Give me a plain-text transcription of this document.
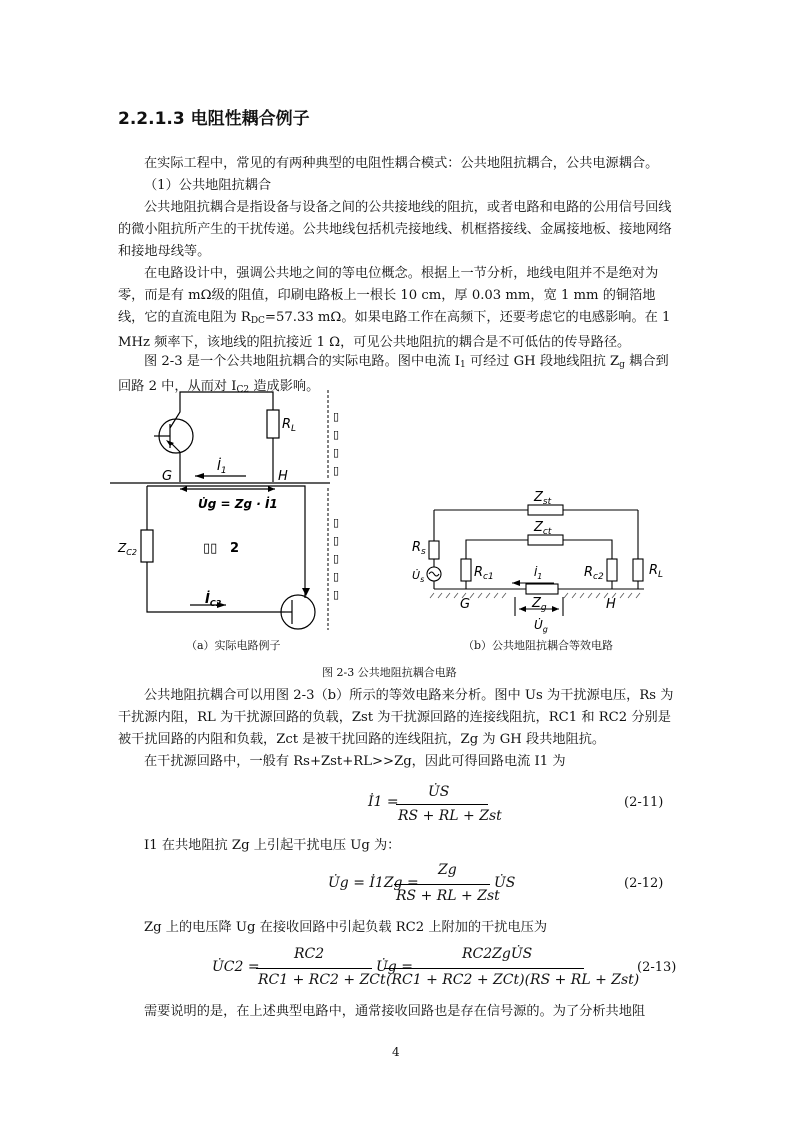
2.2.1.3 电阻性耦合例子

在实际工程中，常见的有两种典型的电阻性耦合模式：公共地阻抗耦合，公共电源耦合。

（1）公共地阻抗耦合

公共地阻抗耦合是指设备与设备之间的公共接地线的阻抗，或者电路和电路的公用信号回线的微小阻抗所产生的干扰传递。公共地线包括机壳接地线、机框搭接线、金属接地板、接地网络和接地母线等。

在电路设计中，强调公共地之间的等电位概念。根据上一节分析，地线电阻并不是绝对为零，而是有 mΩ级的阻值，印刷电路板上一根长 10 cm，厚 0.03 mm，宽 1 mm 的铜箔地线，它的直流电阻为 $R_{DC}=57.33$ mΩ。如果电路工作在高频下，还要考虑它的电感影响。在 1 MHz 频率下，该地线的阻抗接近 1 Ω，可见公共地阻抗的耦合是不可低估的传导路径。

图 2-3 是一个公共地阻抗耦合的实际电路。图中电流 $I_1$ 可经过 GH 段地线阻抗 $Z_g$ 耦合到回路 2 中，从而对 $I_{C2}$ 造成影响。

$R_L$
G	H
$İ_1$
U̇g = Zg · İ1
$Z_{C2}$	▯▯ 2
$İ_{C2}$
▯
▯
▯
▯
▯
▯
▯
▯
▯
$Z_{st}$
$Z_{ct}$
$R_s$
$U̇_s$	$R_{c1}$	$İ_1$	$R_{c2}$	$R_L$
$Z_g$
G	H
$U̇_g$
（a）实际电路例子	（b）公共地阻抗耦合等效电路
图 2-3 公共地阻抗耦合电路

公共地阻抗耦合可以用图 2-3（b）所示的等效电路来分析。图中 Us 为干扰源电压，Rs 为干扰源内阻，RL 为干扰源回路的负载，Zst 为干扰源回路的连接线阻抗，RC1 和 RC2 分别是被干扰回路的内阻和负载，Zct 是被干扰回路的连线阻抗，Zg 为 GH 段共地阻抗。

在干扰源回路中，一般有 Rs+Zst+RL>>Zg，因此可得回路电流 I1 为

İ1 =
U̇S
RS + RL + Zst
(2-11)

I1 在共地阻抗 Zg 上引起干扰电压 Ug 为：

U̇g = İ1Zg =
Zg
RS + RL + Zst
U̇S	(2-12)

Zg 上的电压降 Ug 在接收回路中引起负载 RC2 上附加的干扰电压为

U̇C2 =
RC2
RC1 + RC2 + ZCt
U̇g =
RC2ZgU̇S
(RC1 + RC2 + ZCt)(RS + RL + Zst)
(2-13)

需要说明的是，在上述典型电路中，通常接收回路也是存在信号源的。为了分析共地阻

4
